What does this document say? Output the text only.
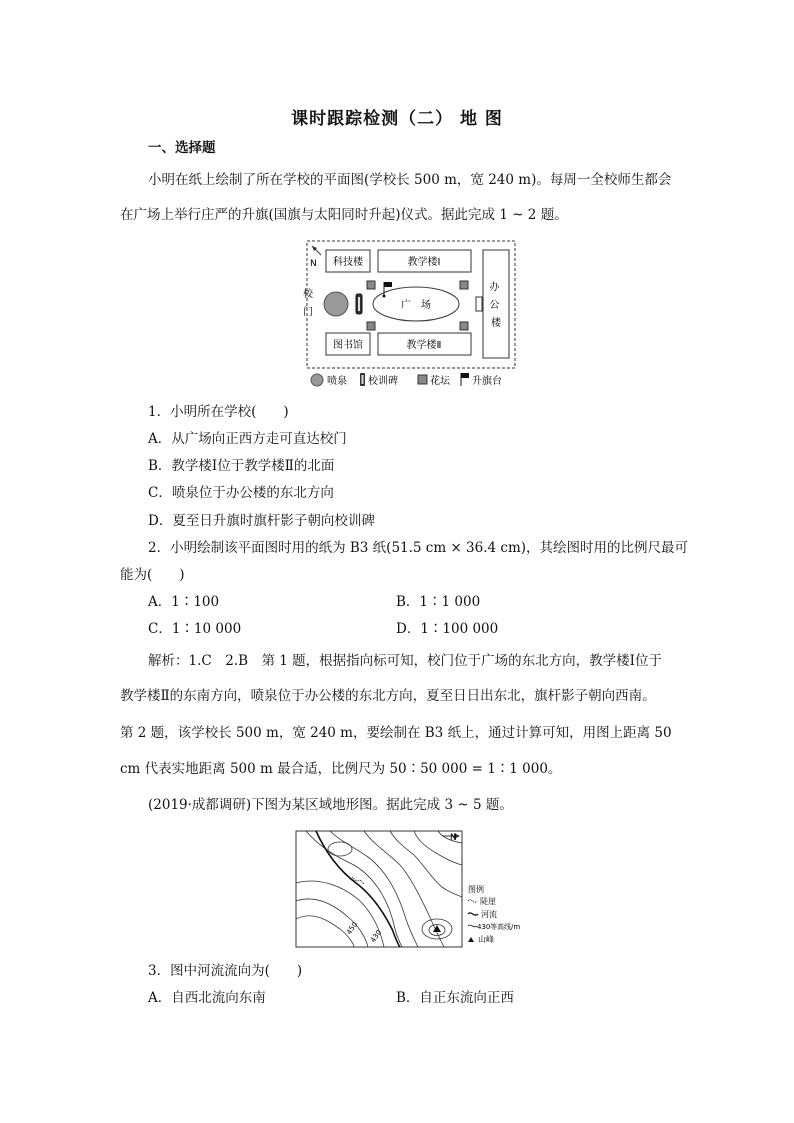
课时跟踪检测（二） 地 图
一、选择题
小明在纸上绘制了所在学校的平面图(学校长 500 m，宽 240 m)。每周一全校师生都会
在广场上举行庄严的升旗(国旗与太阳同时升起)仪式。据此完成 1 ~ 2 题。
N
校 门
科技楼	教学楼Ⅰ
办 公 楼
图书馆	教学楼Ⅱ
广　场
喷泉 校训碑	花坛 升旗台
1．小明所在学校(　　)
A．从广场向正西方走可直达校门
B．教学楼Ⅰ位于教学楼Ⅱ的北面
C．喷泉位于办公楼的东北方向
D．夏至日升旗时旗杆影子朝向校训碑
2．小明绘制该平面图时用的纸为 B3 纸(51.5 cm × 36.4 cm)，其绘图时用的比例尺最可
能为(　　)
A．1∶100	B．1∶1 000
C．1∶10 000	D．1∶100 000
解析：1.C　2.B　第 1 题，根据指向标可知，校门位于广场的东北方向，教学楼Ⅰ位于
教学楼Ⅱ的东南方向，喷泉位于办公楼的东北方向，夏至日日出东北，旗杆影子朝向西南。
第 2 题，该学校长 500 m，宽 240 m，要绘制在 B3 纸上，通过计算可知，用图上距离 50
cm 代表实地距离 500 m 最合适，比例尺为 50∶50 000 = 1∶1 000。
(2019·成都调研)下图为某区域地形图。据此完成 3 ~ 5 题。
N
450
430
图例
陡崖
河流
430 等高线/m
山峰
3．图中河流流向为(　　)
A．自西北流向东南	B．自正东流向正西
